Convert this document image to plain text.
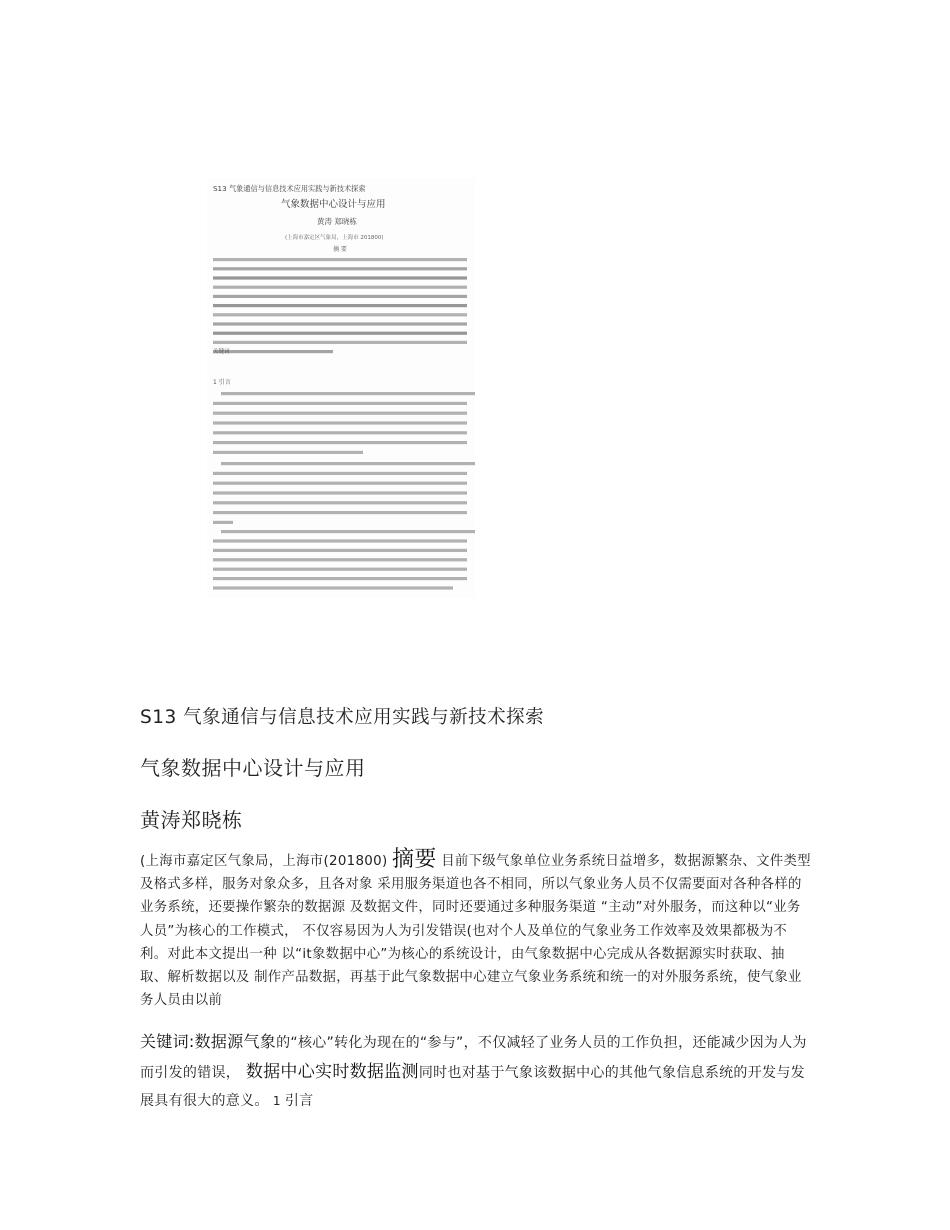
S13 气象通信与信息技术应用实践与新技术探索
气象数据中心设计与应用
黄涛 郑晓栋
(上海市嘉定区气象局，上海市 201800)
摘 要
关键词
1 引言
S13 气象通信与信息技术应用实践与新技术探索
气象数据中心设计与应用
黄涛郑晓栋
(上海市嘉定区气象局，上海市(201800) 摘要 目前下级气象单位业务系统日益增多，数据源繁杂、文件类型及格式多样，服务对象众多，且各对象 采用服务渠道也各不相同，所以气象业务人员不仅需要面对各种各样的业务系统，还要操作繁杂的数据源 及数据文件，同时还要通过多种服务渠道 “主动”对外服务，而这种以“业务人员”为核心的工作模式， 不仅容易因为人为引发错误(也对个人及单位的气象业务工作效率及效果都极为不利。对此本文提出一种 以“it象数据中心”为核心的系统设计，由气象数据中心完成从各数据源实时获取、抽取、解析数据以及 制作产品数据，再基于此气象数据中心建立气象业务系统和统一的对外服务系统，使气象业务人员由以前
关键词:数据源气象的“核心”转化为现在的“参与”，不仅减轻了业务人员的工作负担，还能减少因为人为而引发的错误， 数据中心实时数据监测同时也对基于气象该数据中心的其他气象信息系统的开发与发展具有很大的意义。 1 引言
